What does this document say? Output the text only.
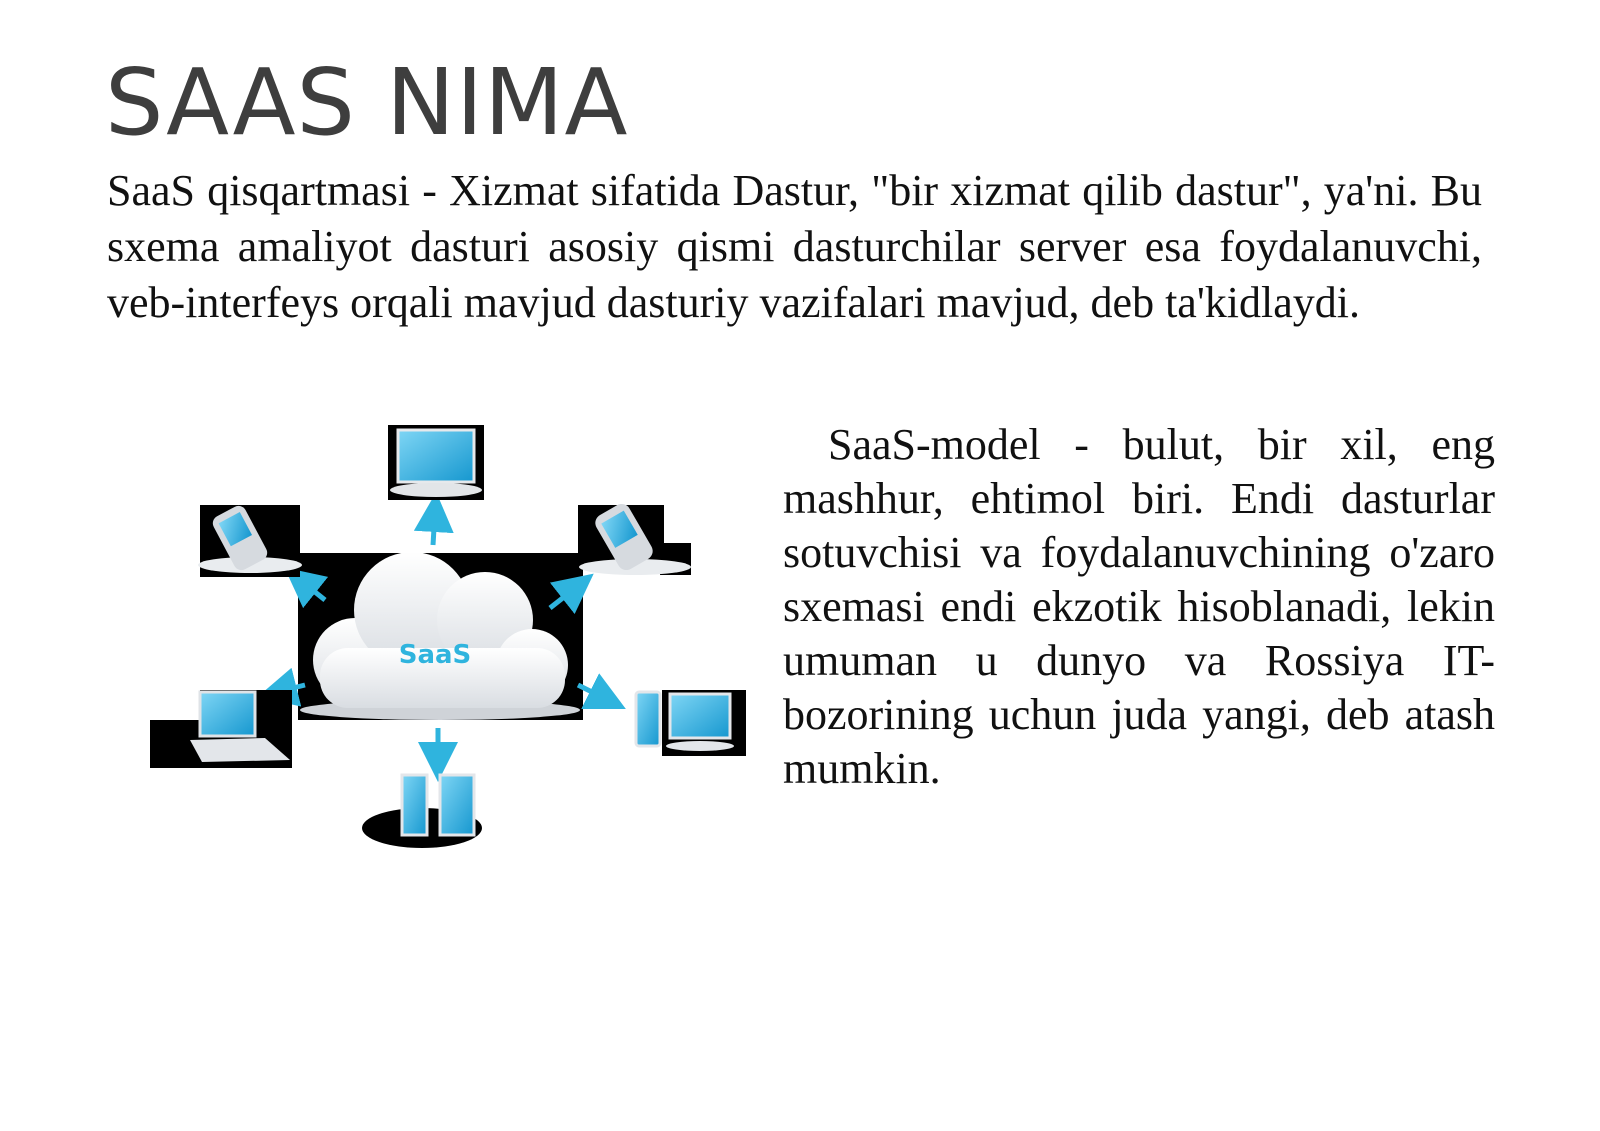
SAAS NIMA

SaaS qisqartmasi - Xizmat sifatida Dastur, "bir xizmat qilib dastur", ya'ni. Bu sxema amaliyot dasturi asosiy qismi dasturchilar server esa foydalanuvchi, veb-interfeys orqali mavjud dasturiy vazifalari mavjud, deb ta'kidlaydi.

SaaS

SaaS-model - bulut, bir xil, eng mashhur, ehtimol biri. Endi dasturlar sotuvchisi va foydalanuvchining o'zaro sxemasi endi ekzotik hisoblanadi, lekin umuman u dunyo va Rossiya IT-bozorining uchun juda yangi, deb atash mumkin.
